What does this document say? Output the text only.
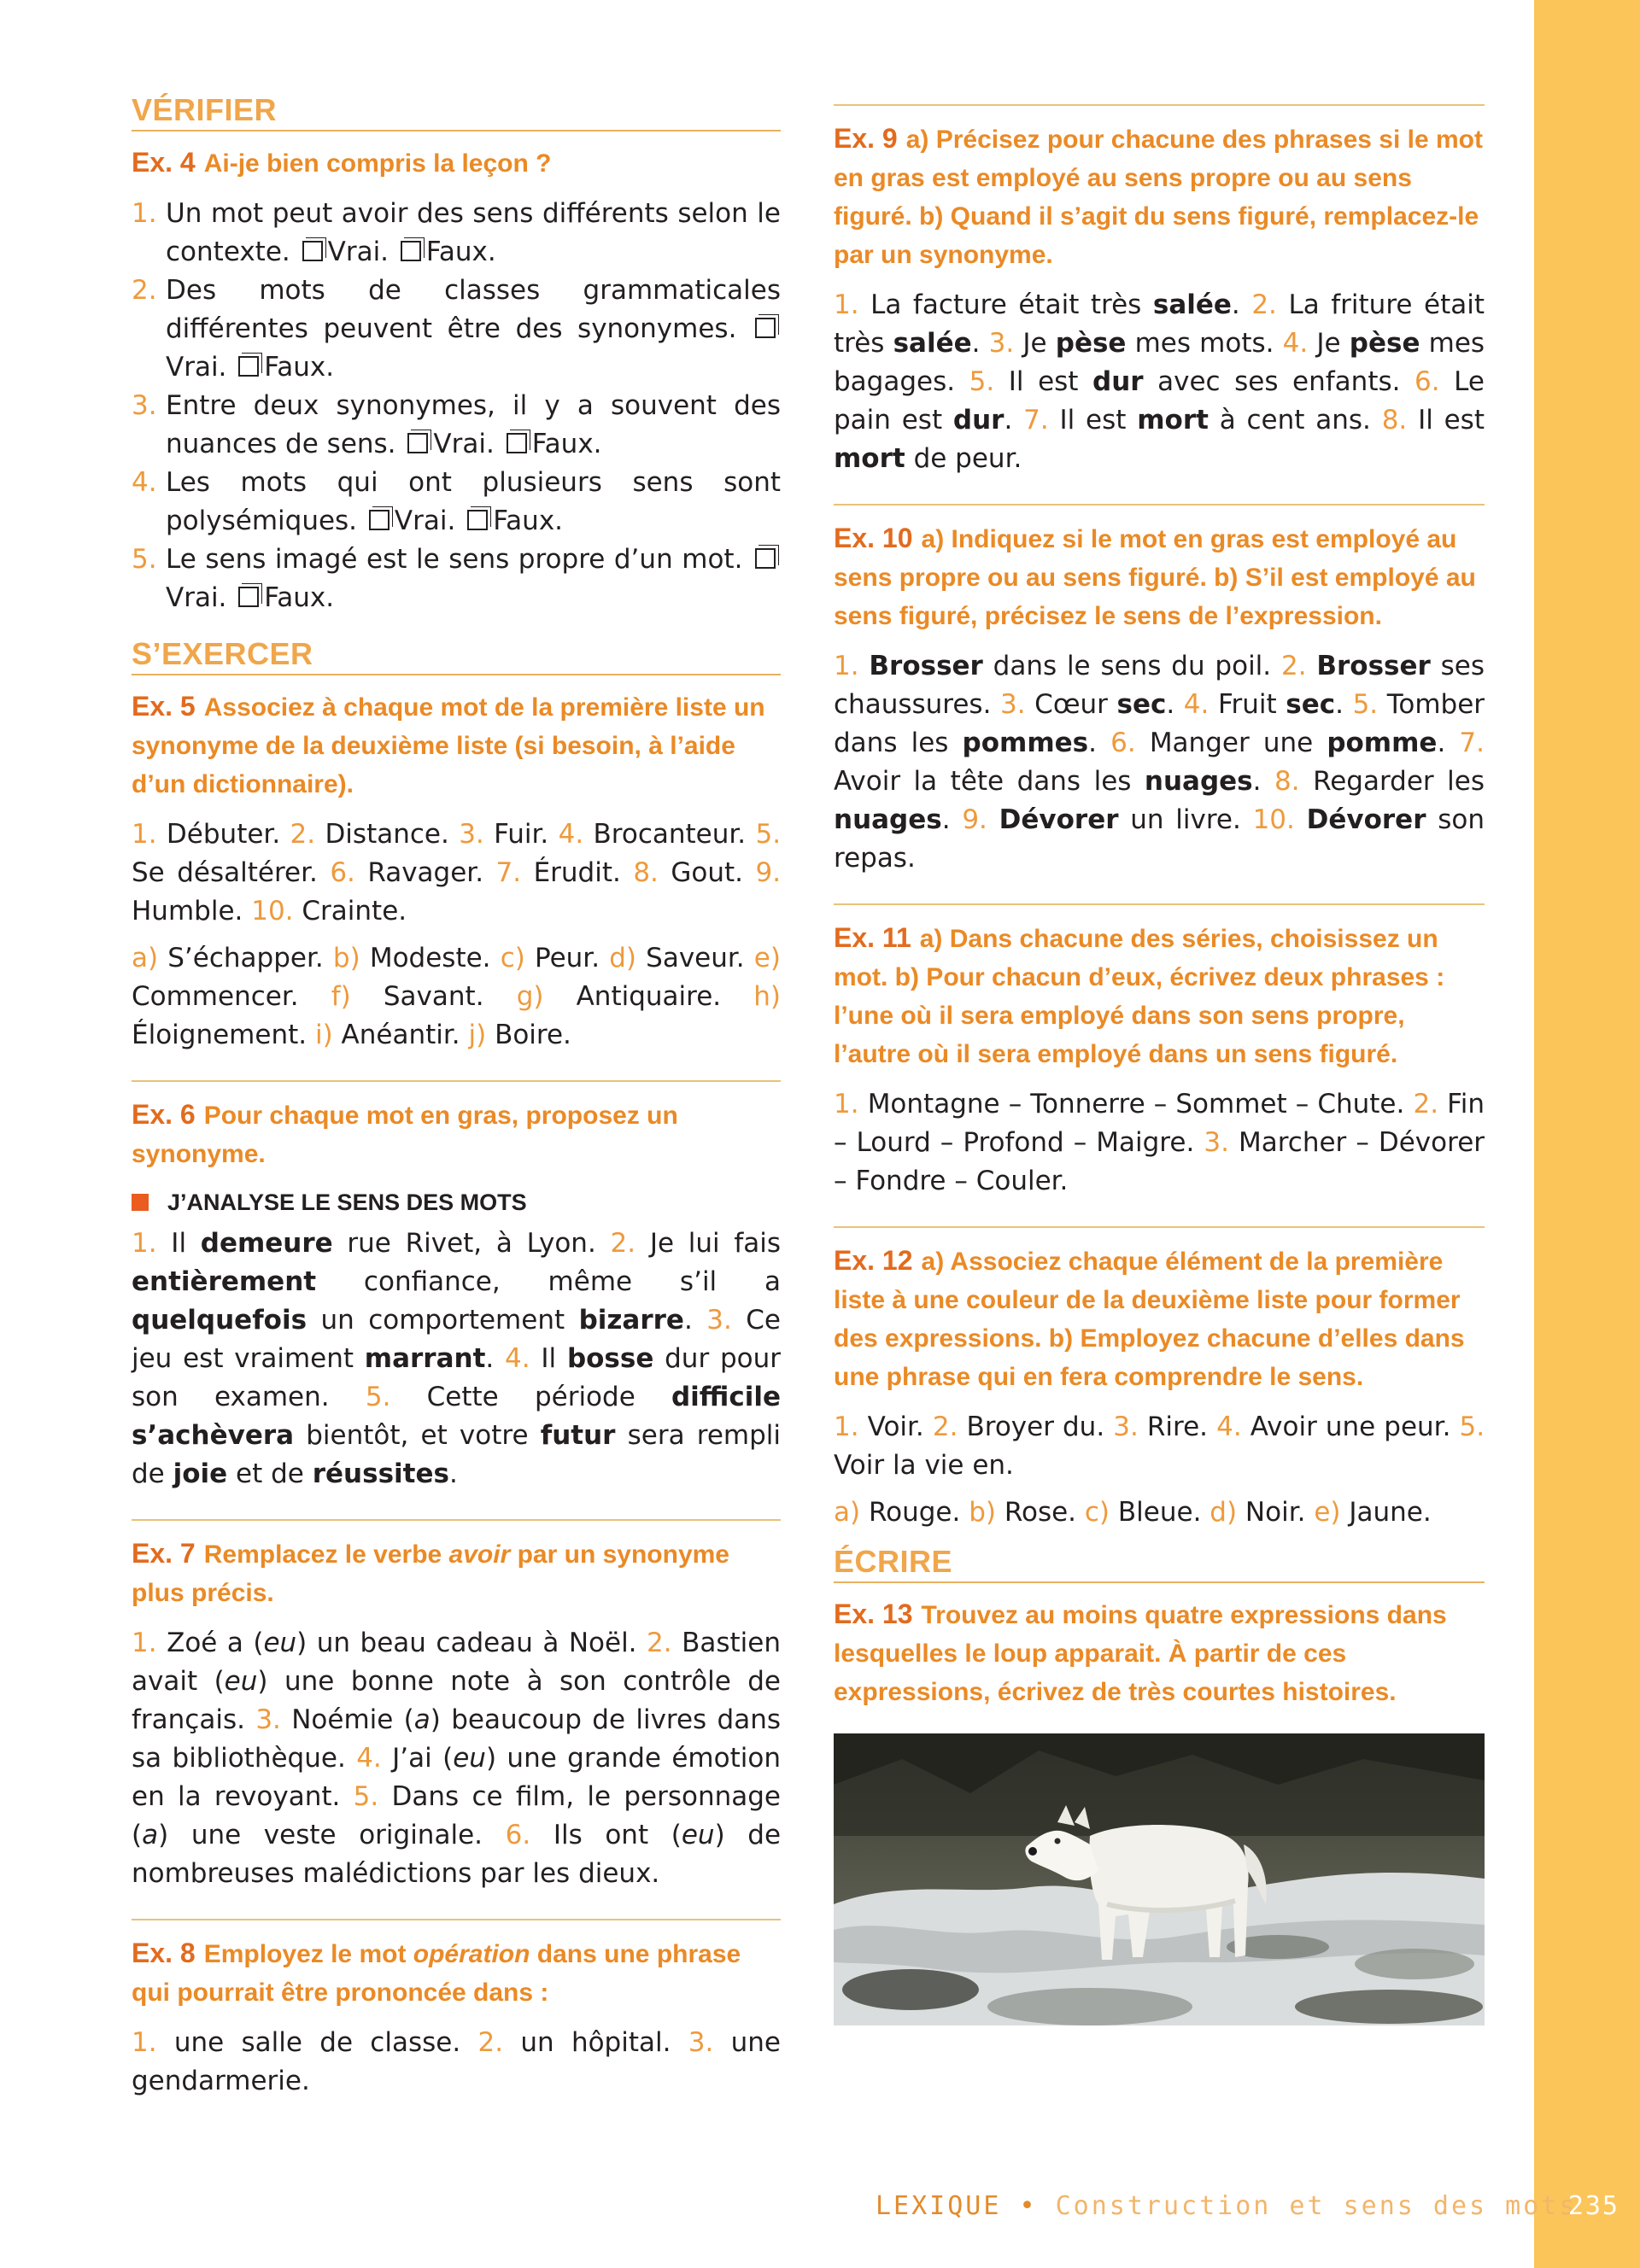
VÉRIFIER
Ex. 4 Ai-je bien compris la leçon ?
1. Un mot peut avoir des sens différents selon le contexte. Vrai. Faux.
2. Des mots de classes grammaticales différentes peuvent être des synonymes. Vrai. Faux.
3. Entre deux synonymes, il y a souvent des nuances de sens. Vrai. Faux.
4. Les mots qui ont plusieurs sens sont polysémiques. Vrai. Faux.
5. Le sens imagé est le sens propre d’un mot. Vrai. Faux.
S’EXERCER
Ex. 5 Associez à chaque mot de la première liste un synonyme de la deuxième liste (si besoin, à l’aide d’un dictionnaire).

1. Débuter. 2. Distance. 3. Fuir. 4. Brocanteur. 5. Se désaltérer. 6. Ravager. 7. Érudit. 8. Gout. 9. Humble. 10. Crainte.

a) S’échapper. b) Modeste. c) Peur. d) Saveur. e) Commencer. f) Savant. g) Antiquaire. h) Éloignement. i) Anéantir. j) Boire.

Ex. 6 Pour chaque mot en gras, proposez un synonyme.
J’ANALYSE LE SENS DES MOTS

1. Il demeure rue Rivet, à Lyon. 2. Je lui fais entièrement confiance, même s’il a quelquefois un comportement bizarre. 3. Ce jeu est vraiment marrant. 4. Il bosse dur pour son examen. 5. Cette période difficile s’achèvera bientôt, et votre futur sera rempli de joie et de réussites.

Ex. 7 Remplacez le verbe avoir par un synonyme plus précis.

1. Zoé a (eu) un beau cadeau à Noël. 2. Bastien avait (eu) une bonne note à son contrôle de français. 3. Noémie (a) beaucoup de livres dans sa bibliothèque. 4. J’ai (eu) une grande émotion en la revoyant. 5. Dans ce film, le personnage (a) une veste originale. 6. Ils ont (eu) de nombreuses malédictions par les dieux.

Ex. 8 Employez le mot opération dans une phrase qui pourrait être prononcée dans :

1. une salle de classe. 2. un hôpital. 3. une gendarmerie.

Ex. 9 a) Précisez pour chacune des phrases si le mot en gras est employé au sens propre ou au sens figuré. b) Quand il s’agit du sens figuré, remplacez-le par un synonyme.

1. La facture était très salée. 2. La friture était très salée. 3. Je pèse mes mots. 4. Je pèse mes bagages. 5. Il est dur avec ses enfants. 6. Le pain est dur. 7. Il est mort à cent ans. 8. Il est mort de peur.

Ex. 10 a) Indiquez si le mot en gras est employé au sens propre ou au sens figuré. b) S’il est employé au sens figuré, précisez le sens de l’expression.

1. Brosser dans le sens du poil. 2. Brosser ses chaussures. 3. Cœur sec. 4. Fruit sec. 5. Tomber dans les pommes. 6. Manger une pomme. 7. Avoir la tête dans les nuages. 8. Regarder les nuages. 9. Dévorer un livre. 10. Dévorer son repas.

Ex. 11 a) Dans chacune des séries, choisissez un mot. b) Pour chacun d’eux, écrivez deux phrases : l’une où il sera employé dans son sens propre, l’autre où il sera employé dans un sens figuré.

1. Montagne – Tonnerre – Sommet – Chute. 2. Fin – Lourd – Profond – Maigre. 3. Marcher – Dévorer – Fondre – Couler.

Ex. 12 a) Associez chaque élément de la première liste à une couleur de la deuxième liste pour former des expressions. b) Employez chacune d’elles dans une phrase qui en fera comprendre le sens.

1. Voir. 2. Broyer du. 3. Rire. 4. Avoir une peur. 5. Voir la vie en.

a) Rouge. b) Rose. c) Bleue. d) Noir. e) Jaune.

ÉCRIRE
Ex. 13 Trouvez au moins quatre expressions dans lesquelles le loup apparait. À partir de ces expressions, écrivez de très courtes histoires.
LEXIQUE • Construction et sens des mots
235
